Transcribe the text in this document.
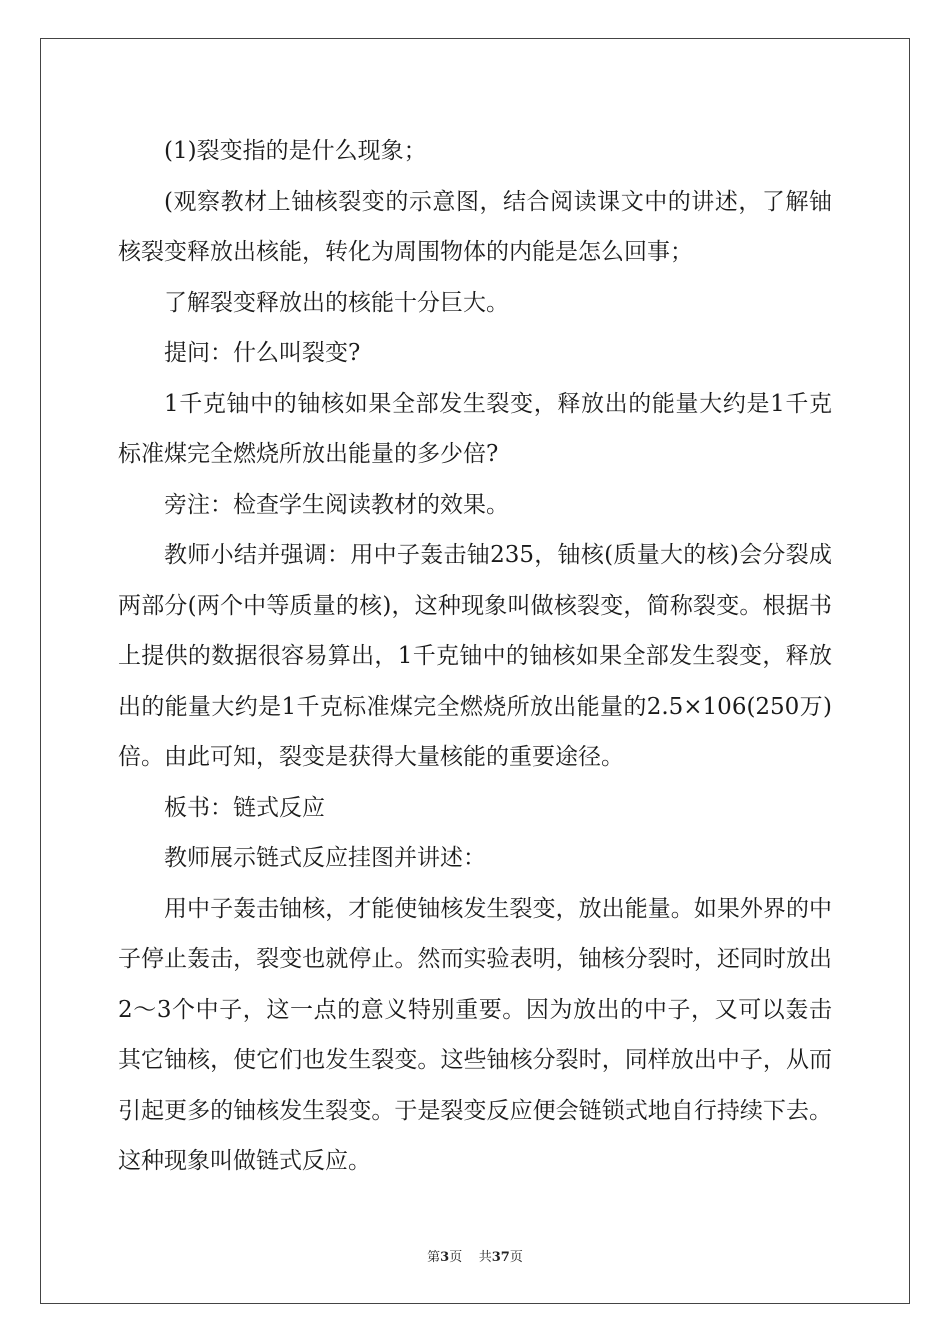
(1)裂变指的是什么现象；

(观察教材上铀核裂变的示意图，结合阅读课文中的讲述，了解铀核裂变释放出核能，转化为周围物体的内能是怎么回事；

了解裂变释放出的核能十分巨大。

提问：什么叫裂变?

1千克铀中的铀核如果全部发生裂变，释放出的能量大约是1千克标准煤完全燃烧所放出能量的多少倍?

旁注：检查学生阅读教材的效果。

教师小结并强调：用中子轰击铀235，铀核(质量大的核)会分裂成两部分(两个中等质量的核)，这种现象叫做核裂变，简称裂变。根据书上提供的数据很容易算出，1千克铀中的铀核如果全部发生裂变，释放出的能量大约是1千克标准煤完全燃烧所放出能量的2.5×106(250万)倍。由此可知，裂变是获得大量核能的重要途径。

板书：链式反应

教师展示链式反应挂图并讲述：

用中子轰击铀核，才能使铀核发生裂变，放出能量。如果外界的中子停止轰击，裂变也就停止。然而实验表明，铀核分裂时，还同时放出2～3个中子，这一点的意义特别重要。因为放出的中子，又可以轰击其它铀核，使它们也发生裂变。这些铀核分裂时，同样放出中子，从而引起更多的铀核发生裂变。于是裂变反应便会链锁式地自行持续下去。这种现象叫做链式反应。

第3页 共37页
